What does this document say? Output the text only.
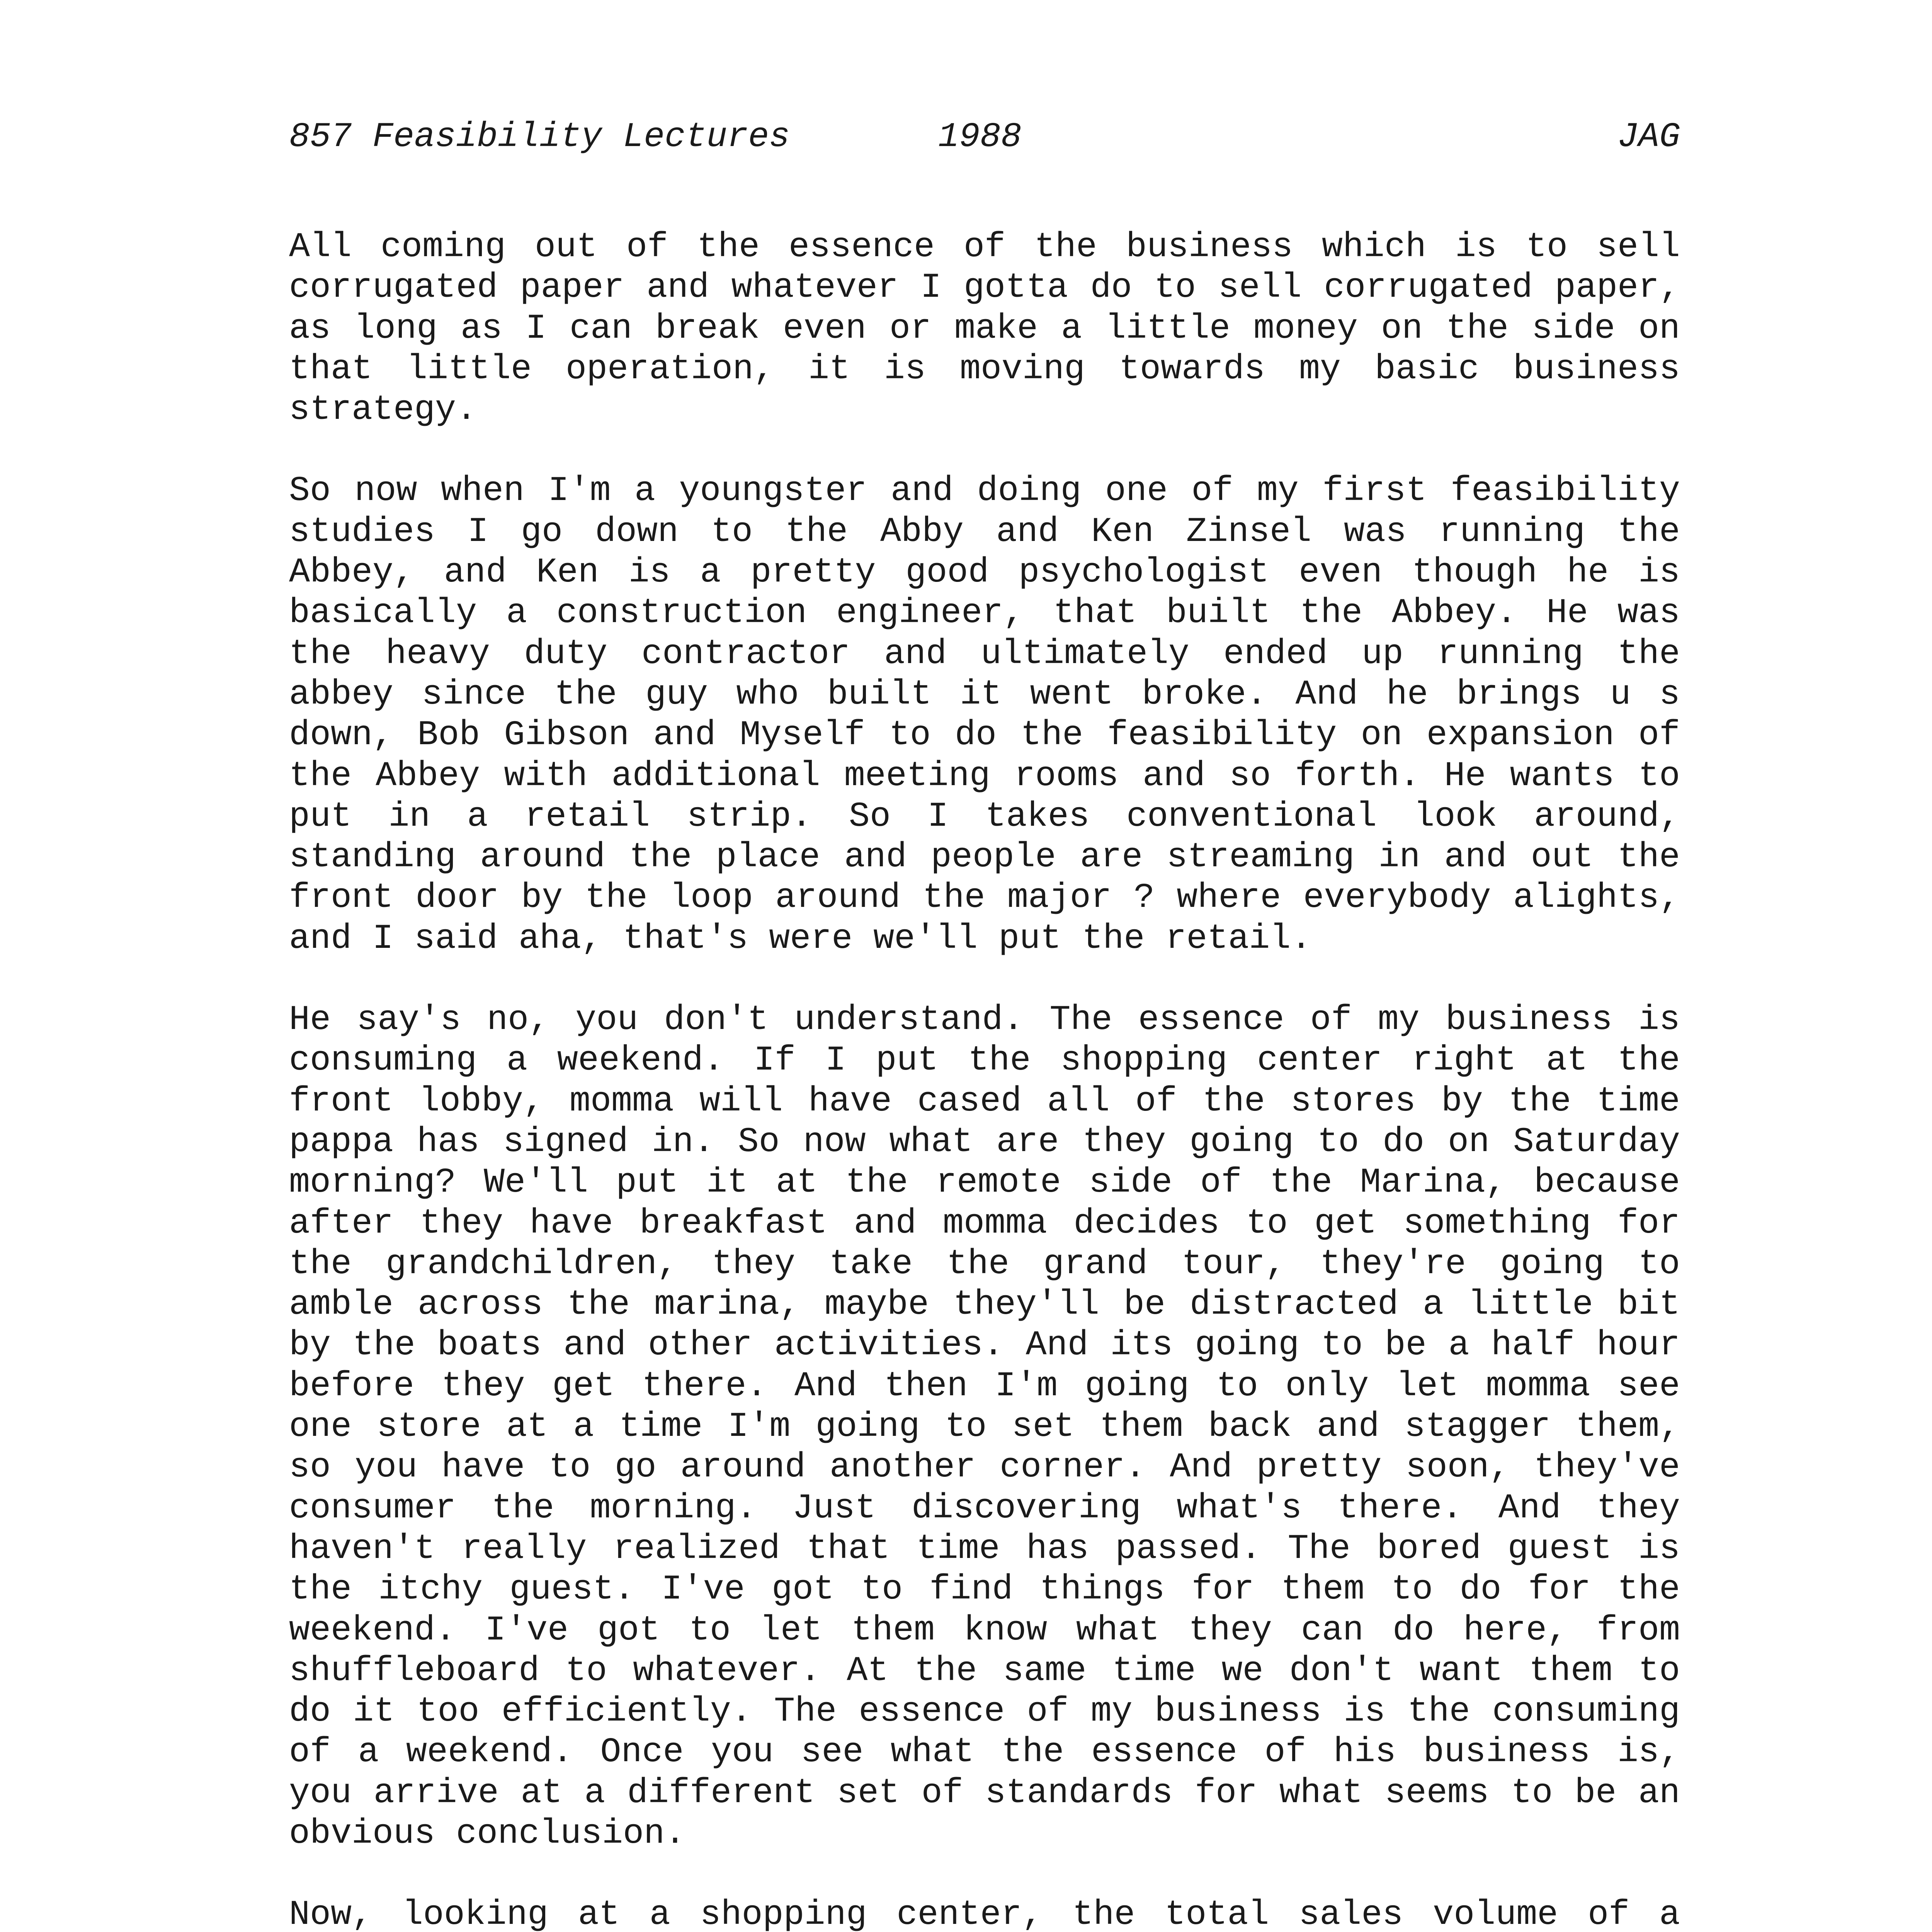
857 Feasibility Lectures

	1988

	JAG

All coming out of the essence of the business which is to sell corrugated paper and whatever I gotta do to sell corrugated paper, as long as I can break even or make a little money on the side on that little operation, it is moving towards my basic business strategy.

So now when I'm a youngster and doing one of my first feasibility studies I go down to the Abby and Ken Zinsel was running the Abbey, and Ken is a pretty good psychologist even though he is basically a construction engineer, that built the Abbey. He was the heavy duty contractor and ultimately ended up running the abbey since the guy who built it went broke. And he brings u s down, Bob Gibson and Myself to do the feasibility on expansion of the Abbey with additional meeting rooms and so forth. He wants to put in a retail strip. So I takes conventional look around, standing around the place and people are streaming in and out the front door by the loop around the major ? where everybody alights, and I said aha, that's were we'll put the retail.

He say's no, you don't understand. The essence of my business is consuming a weekend. If I put the shopping center right at the front lobby, momma will have cased all of the stores by the time pappa has signed in. So now what are they going to do on Saturday morning? We'll put it at the remote side of the Marina, because after they have breakfast and momma decides to get something for the grandchildren, they take the grand tour, they're going to amble across the marina, maybe they'll be distracted a little bit by the boats and other activities. And its going to be a half hour before they get there. And then I'm going to only let momma see one store at a time I'm going to set them back and stagger them, so you have to go around another corner. And pretty soon, they've consumer the morning. Just discovering what's there. And they haven't really realized that time has passed. The bored guest is the itchy guest. I've got to find things for them to do for the weekend. I've got to let them know what they can do here, from shuffleboard to whatever. At the same time we don't want them to do it too efficiently. The essence of my business is the consuming of a weekend. Once you see what the essence of his business is, you arrive at a different set of standards for what seems to be an obvious conclusion.

Now, looking at a shopping center, the total sales volume of a
